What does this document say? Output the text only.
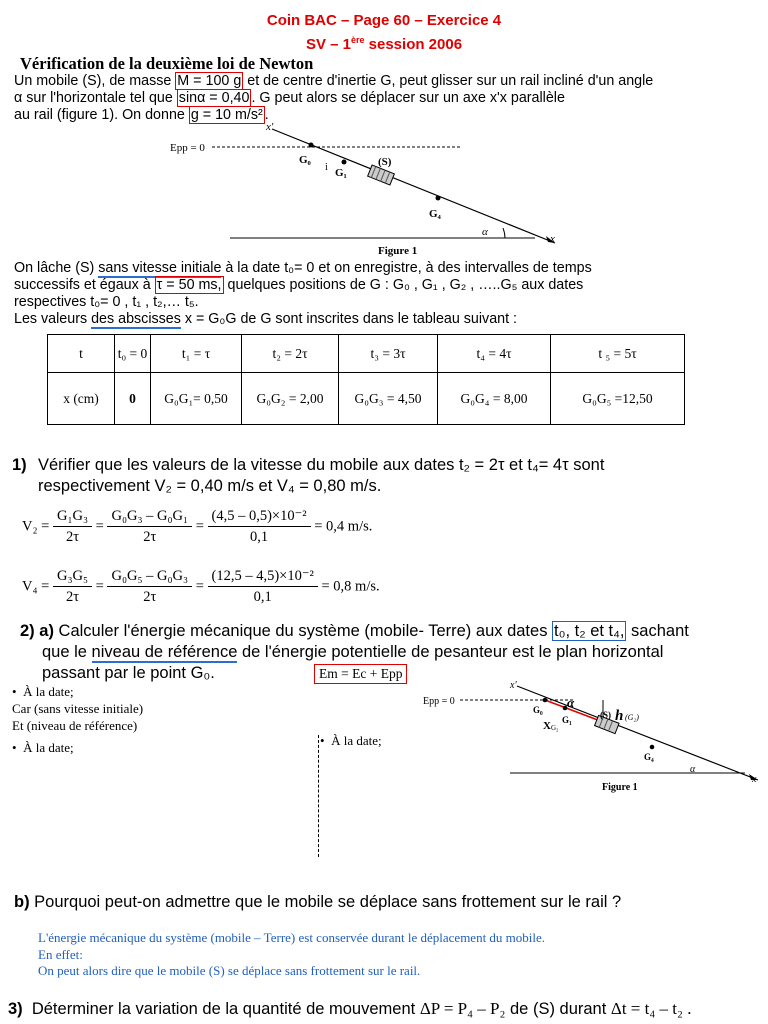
Coin BAC – Page 60 – Exercice 4
SV – 1ère session 2006
Vérification de la deuxième loi de Newton
Un mobile (S), de masse M = 100 g et de centre d'inertie G, peut glisser sur un rail incliné d'un angle
α sur l'horizontale tel que sinα = 0,40 . G peut alors se déplacer sur un axe x'x parallèle
au rail (figure 1). On donne g = 10 m/s² .
Epp = 0
x'
x
α
G₀
G₁
i
G₄
(S)
Figure 1
On lâche (S) sans vitesse initiale à la date t₀= 0 et on enregistre, à des intervalles de temps
successifs et égaux à τ = 50 ms, quelques positions de G : G₀ , G₁ , G₂ , …..G₅ aux dates
respectives t₀= 0 , t₁ , t₂,… t₅.
Les valeurs des abscisses x = G₀G de G sont inscrites dans le tableau suivant :
t	t₀ = 0	t₁ = τ	t₂ = 2τ	t₃ = 3τ	t₄ = 4τ	t ₅ = 5τ
x (cm)	0	G₀G₁= 0,50	G₀G₂ = 2,00	G₀G₃ = 4,50	G₀G₄ = 8,00	G₀G₅ =12,50
1) Vérifier que les valeurs de la vitesse du mobile aux dates t₂ = 2τ et t₄= 4τ sont
respectivement V₂ = 0,40 m/s et V₄ = 0,80 m/s.
$V_2 = \frac{\text{G₁G₃}}{2\tau} = \frac{\text{G₀G₃ – G₀G₁}}{2\tau} = \frac{\text{(4,5 – 0,5)×10⁻²}}{0,1} = 0,4$ m/s.
$V_4 = \frac{\text{G₃G₅}}{2\tau} = \frac{\text{G₀G₅ – G₀G₃}}{2\tau} = \frac{\text{(12,5 – 4,5)×10⁻²}}{0,1} = 0,8$ m/s.
2) a) Calculer l'énergie mécanique du système (mobile- Terre) aux dates t₀, t₂ et t₄, sachant
que le niveau de référence de l'énergie potentielle de pesanteur est le plan horizontal
passant par le point G₀.	Em = Ec + Epp
•  À la date;
Car (sans vitesse initiale)
Et (niveau de référence)
•  À la date;	•  À la date;
Epp = 0
x'
x
α
G₀
G₁
G₂
X
α
(S) h (G₂)
G₄
Figure 1
b) Pourquoi peut-on admettre que le mobile se déplace sans frottement sur le rail ?
L'énergie mécanique du système (mobile – Terre) est conservée durant le déplacement du mobile.
En effet:
On peut alors dire que le mobile (S) se déplace sans frottement sur le rail.
3) Déterminer la variation de la quantité de mouvement ΔP = P₄ – P₂ de (S) durant Δt = t₄ – t₂ .
